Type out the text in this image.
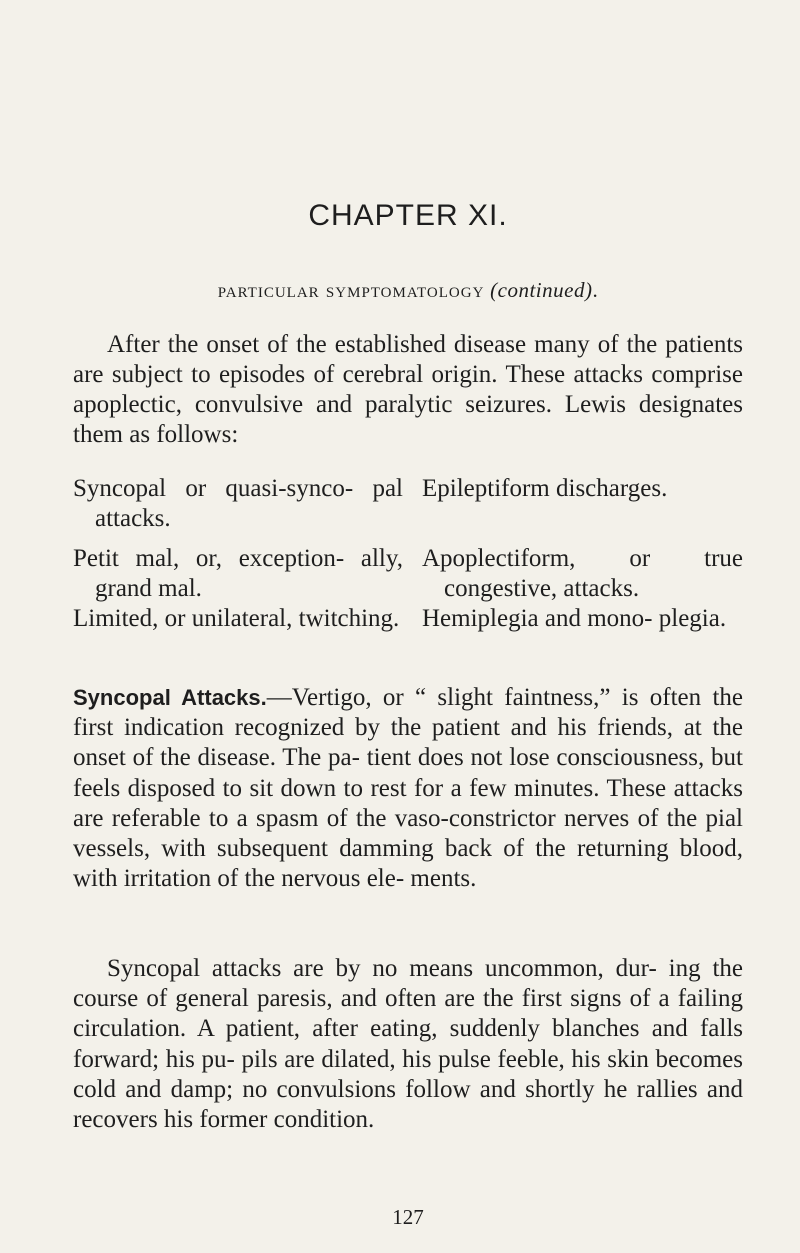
CHAPTER XI.

particular symptomatology (continued).

After the onset of the established disease many of the patients are subject to episodes of cerebral origin. These attacks comprise apoplectic, convulsive and paralytic seizures. Lewis designates them as follows:

Syncopal or quasi-synco- pal attacks.

Petit mal, or, exception- ally, grand mal.

Limited, or unilateral, twitching.

Epileptiform discharges.

Apoplectiform, or true congestive, attacks.

Hemiplegia and mono- plegia.

Syncopal Attacks.—Vertigo, or “ slight faintness,” is often the first indication recognized by the patient and his friends, at the onset of the disease. The pa- tient does not lose consciousness, but feels disposed to sit down to rest for a few minutes. These attacks are referable to a spasm of the vaso-constrictor nerves of the pial vessels, with subsequent damming back of the returning blood, with irritation of the nervous ele- ments.

Syncopal attacks are by no means uncommon, dur- ing the course of general paresis, and often are the first signs of a failing circulation. A patient, after eating, suddenly blanches and falls forward; his pu- pils are dilated, his pulse feeble, his skin becomes cold and damp; no convulsions follow and shortly he rallies and recovers his former condition.

127
